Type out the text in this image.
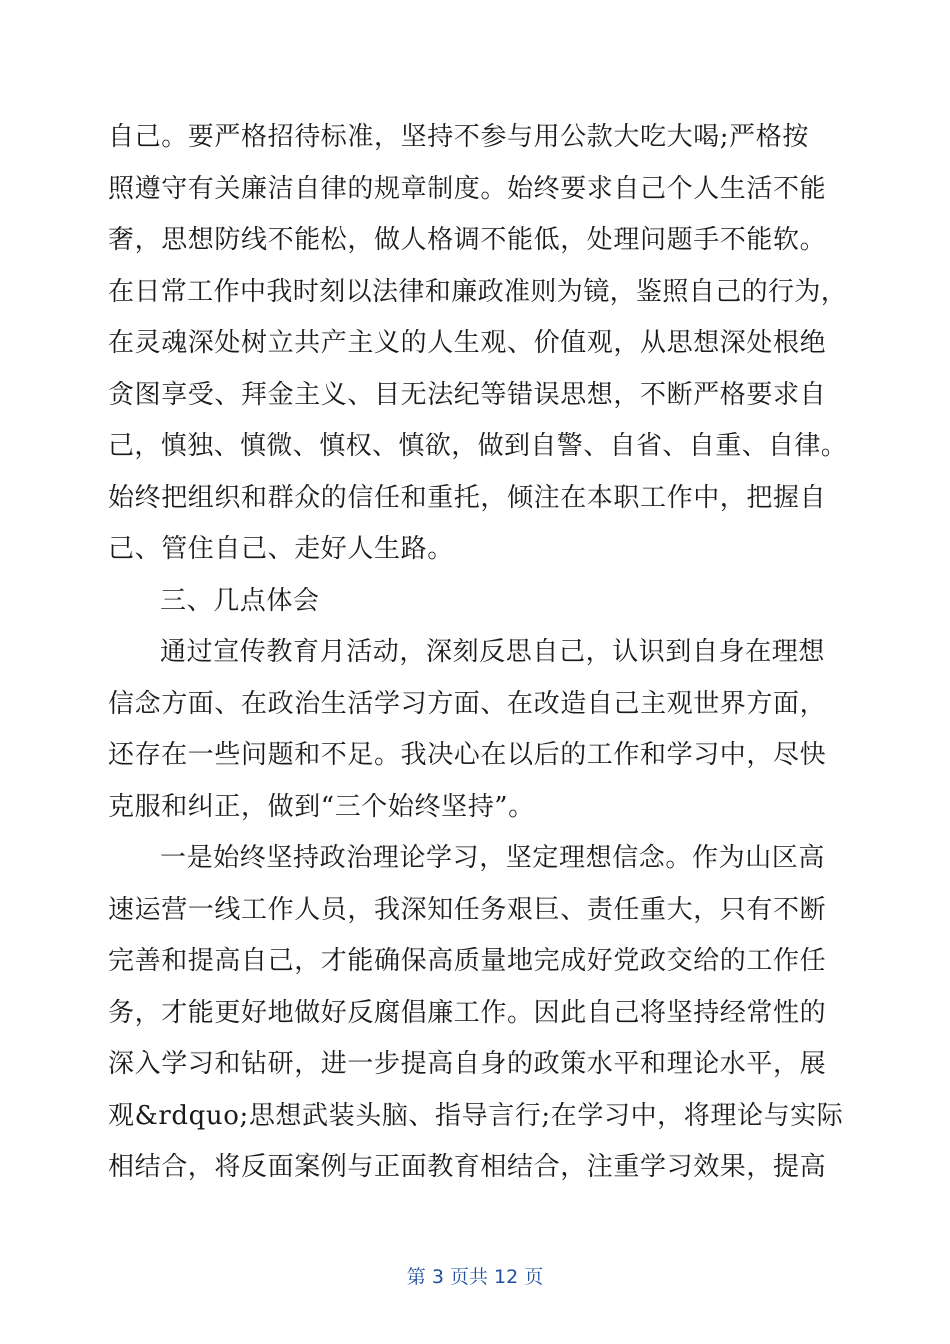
自己。要严格招待标准，坚持不参与用公款大吃大喝;严格按
照遵守有关廉洁自律的规章制度。始终要求自己个人生活不能
奢，思想防线不能松，做人格调不能低，处理问题手不能软。
在日常工作中我时刻以法律和廉政准则为镜，鉴照自己的行为，
在灵魂深处树立共产主义的人生观、价值观，从思想深处根绝
贪图享受、拜金主义、目无法纪等错误思想，不断严格要求自
己，慎独、慎微、慎权、慎欲，做到自警、自省、自重、自律。
始终把组织和群众的信任和重托，倾注在本职工作中，把握自
己、管住自己、走好人生路。
三、几点体会
通过宣传教育月活动，深刻反思自己，认识到自身在理想
信念方面、在政治生活学习方面、在改造自己主观世界方面，
还存在一些问题和不足。我决心在以后的工作和学习中，尽快
克服和纠正，做到“三个始终坚持”。
一是始终坚持政治理论学习，坚定理想信念。作为山区高
速运营一线工作人员，我深知任务艰巨、责任重大，只有不断
完善和提高自己，才能确保高质量地完成好党政交给的工作任
务，才能更好地做好反腐倡廉工作。因此自己将坚持经常性的
深入学习和钻研，进一步提高自身的政策水平和理论水平，展
观&rdquo;思想武装头脑、指导言行;在学习中，将理论与实际
相结合，将反面案例与正面教育相结合，注重学习效果，提高
第 3 页共 12 页
